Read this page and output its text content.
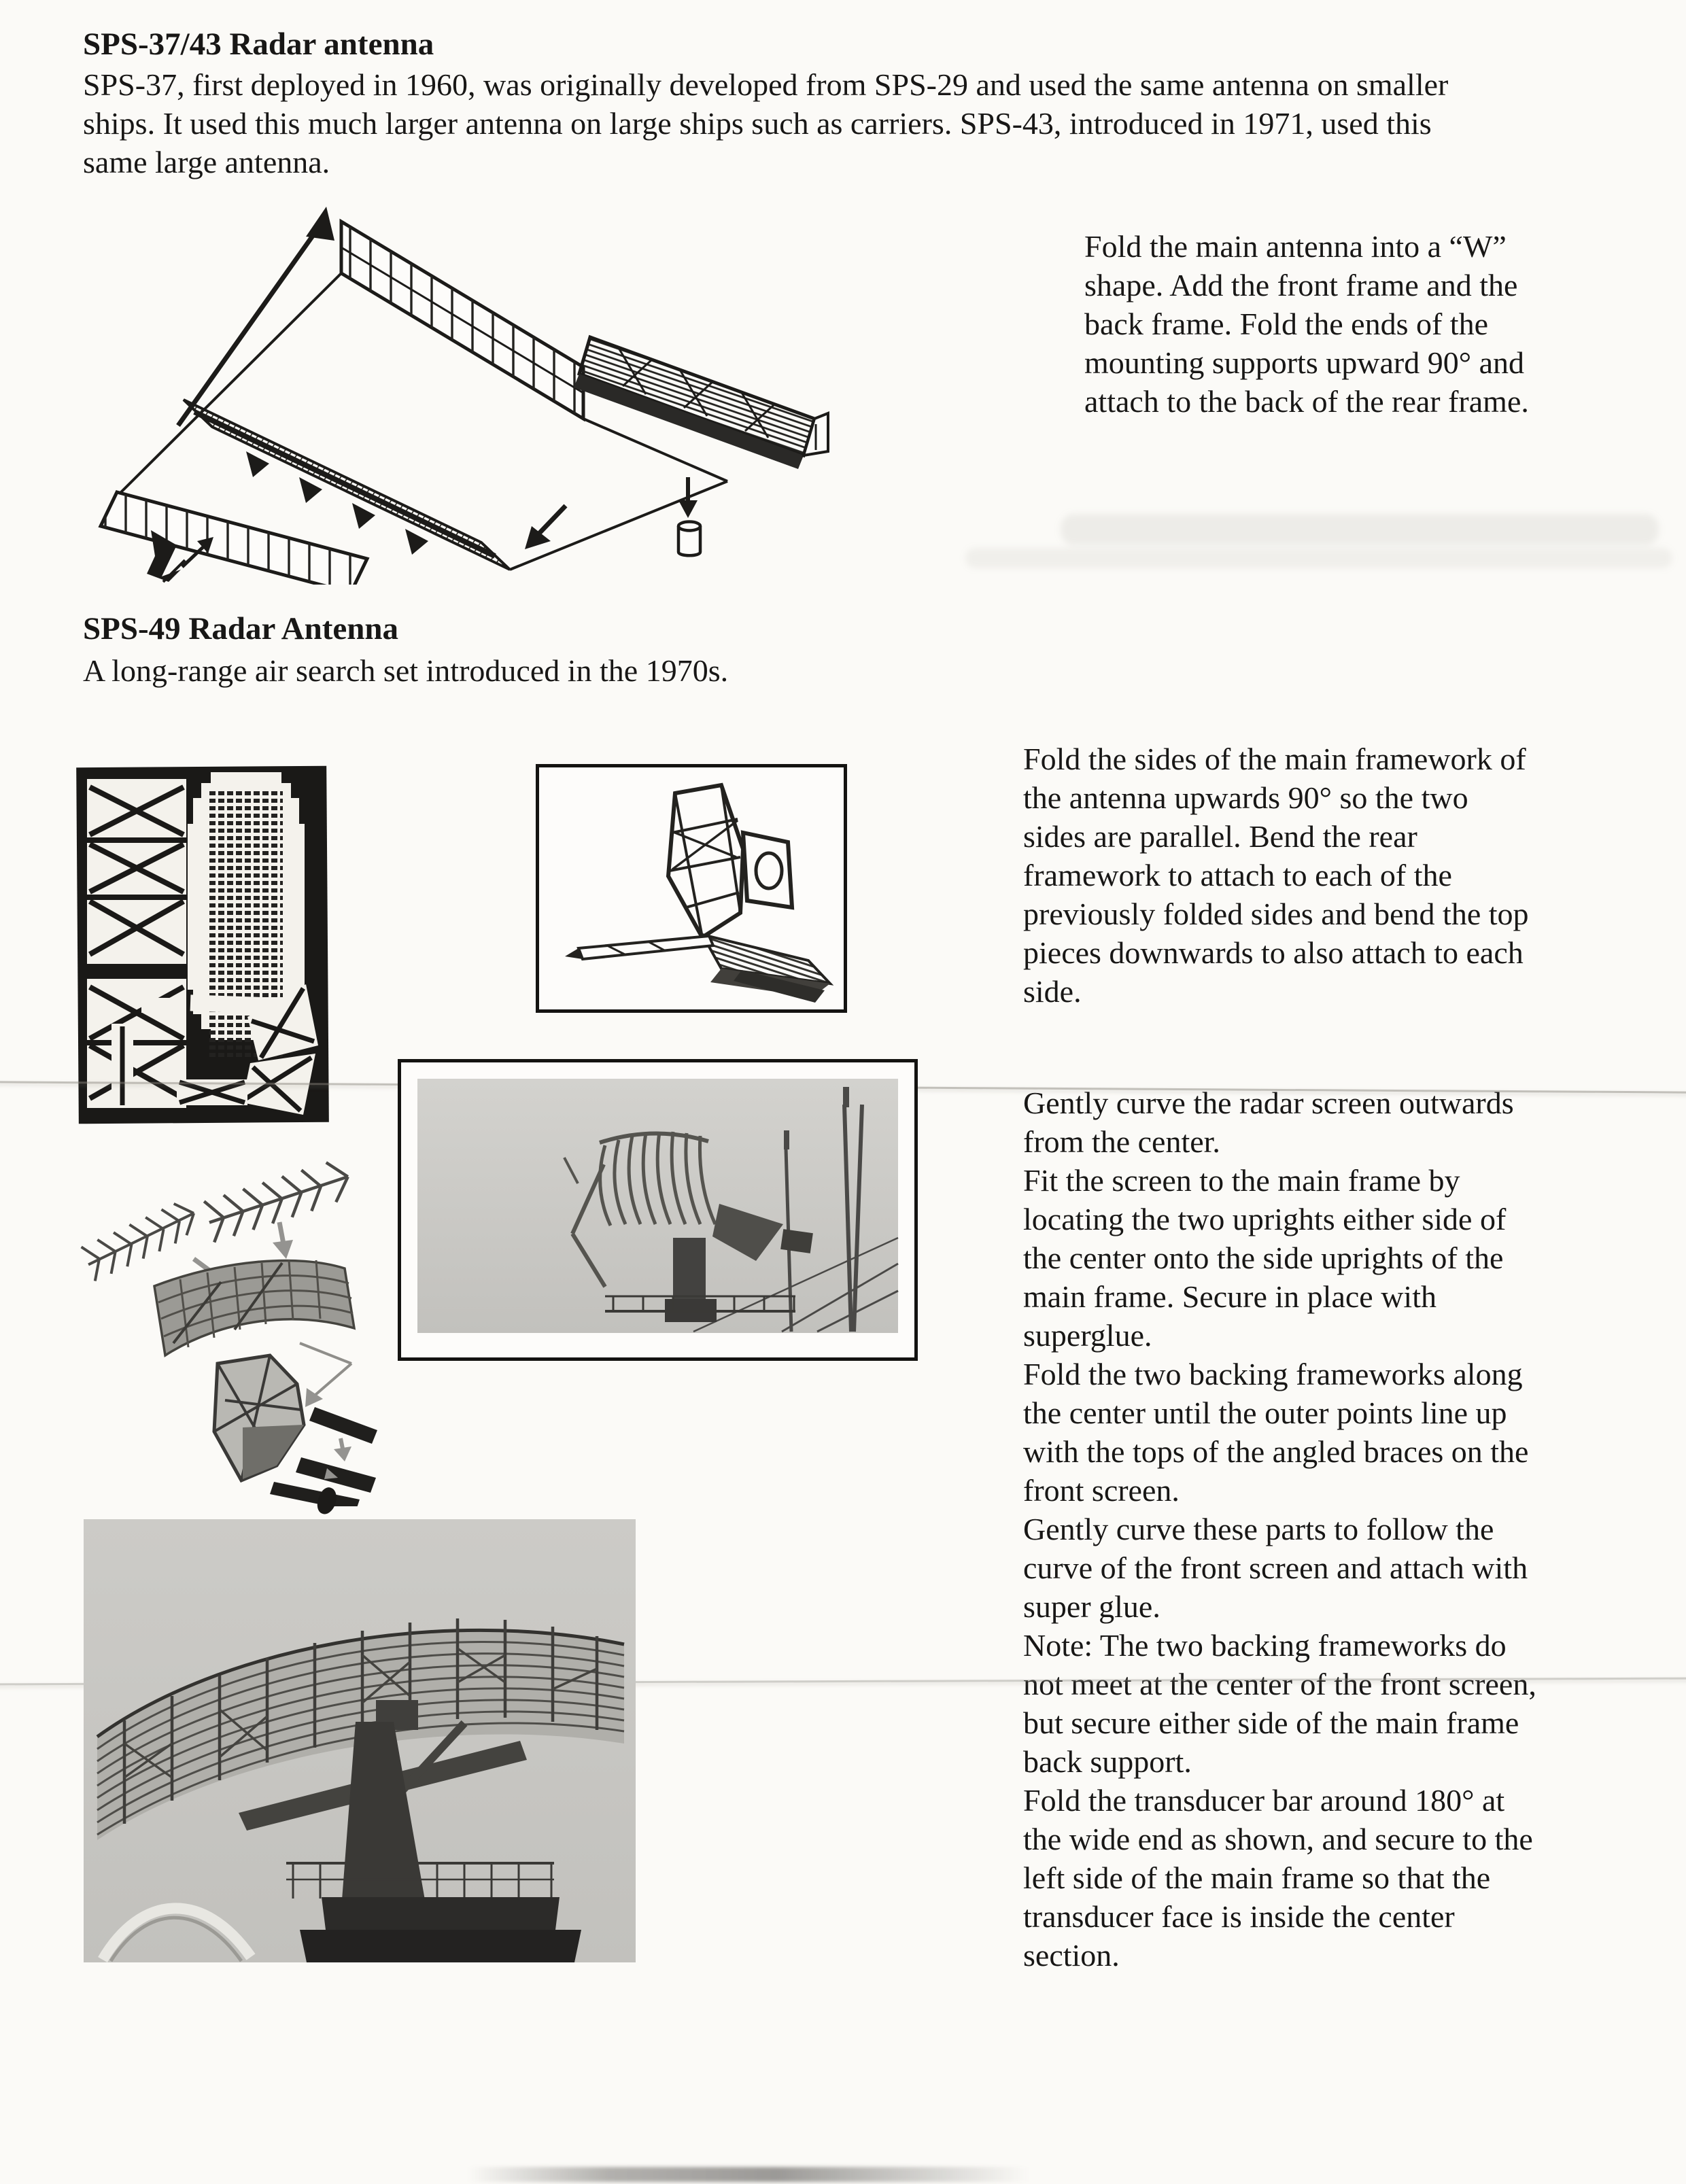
SPS-37/43 Radar antenna
SPS-37, first deployed in 1960, was originally developed from SPS-29 and used the same antenna on smaller
ships. It used this much larger antenna on large ships such as carriers. SPS-43, introduced in 1971, used this
same large antenna.
Fold the main antenna into a “W”
shape. Add the front frame and the
back frame. Fold the ends of the
mounting supports upward 90° and
attach to the back of the rear frame.
SPS-49 Radar Antenna
A long-range air search set introduced in the 1970s.
Fold the sides of the main framework of
the antenna upwards 90° so the two
sides are parallel. Bend the rear
framework to attach to each of the
previously folded sides and bend the top
pieces downwards to also attach to each
side.
Gently curve the radar screen outwards
from the center.
Fit the screen to the main frame by
locating the two uprights either side of
the center onto the side uprights of the
main frame. Secure in place with
superglue.
Fold the two backing frameworks along
the center until the outer points line up
with the tops of the angled braces on the
front screen.
Gently curve these parts to follow the
curve of the front screen and attach with
super glue.
Note: The two backing frameworks do
not meet at the center of the front screen,
but secure either side of the main frame
back support.
Fold the transducer bar around 180° at
the wide end as shown, and secure to the
left side of the main frame so that the
transducer face is inside the center
section.
